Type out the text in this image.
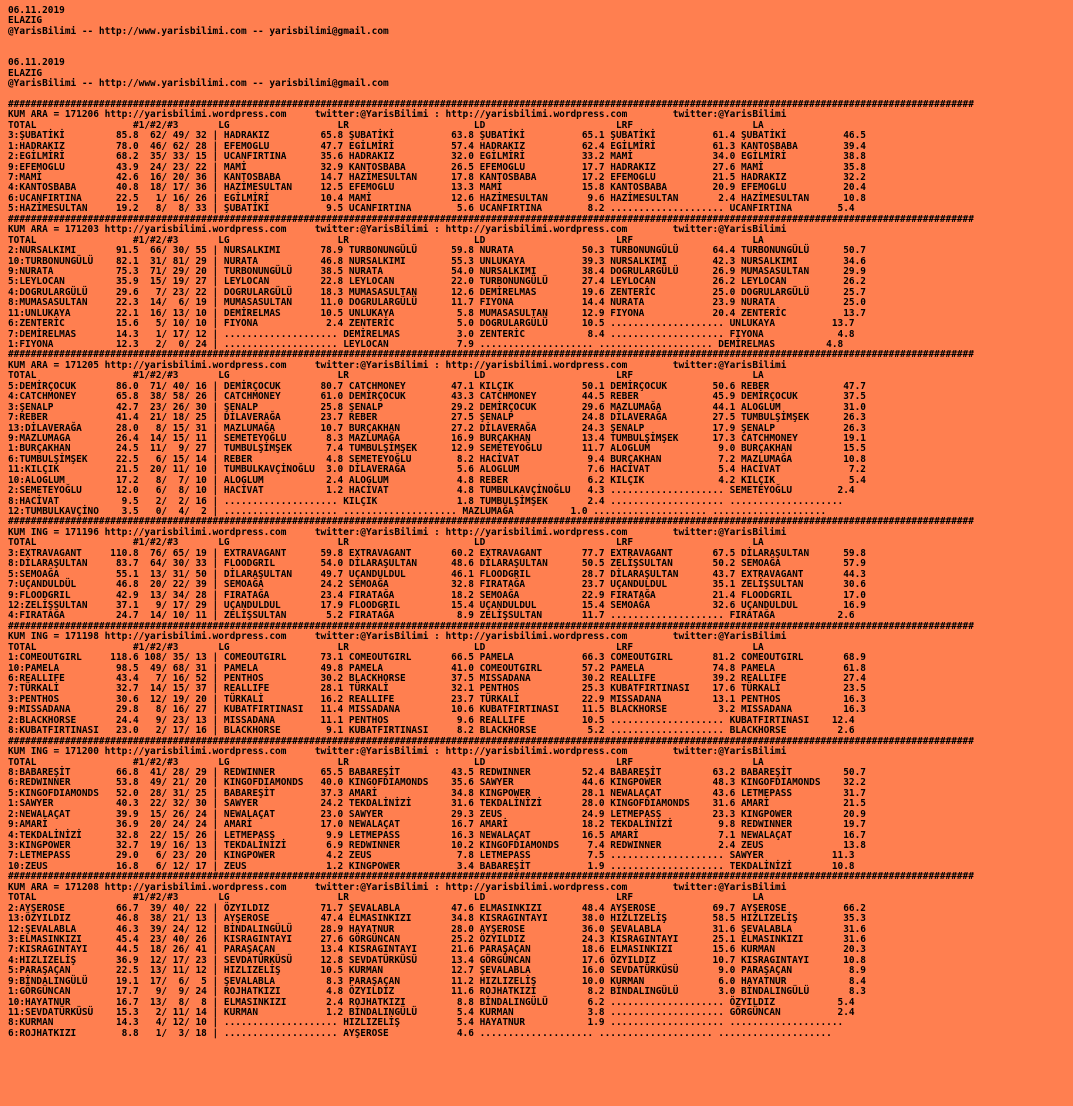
06.11.2019
ELAZIG
@YarisBilimi -- http://www.yarisbilimi.com -- yarisbilimi@gmail.com

06.11.2019
ELAZIG
@YarisBilimi -- http://www.yarisbilimi.com -- yarisbilimi@gmail.com

##########################################################################################################################################################################
KUM ARA = 171206 http://yarisbilimi.wordpress.com     twitter:@YarisBilimi : http://yarisbilimi.wordpress.com        twitter:@YarisBilimi
TOTAL                 #1/#2/#3       LG                   LR                      LD                       LRF                     LA
3:ŞUBATİKİ         85.8  62/ 49/ 32 | HADRAKIZ         65.8 ŞUBATİKİ          63.8 ŞUBATİKİ          65.1 ŞUBATİKİ          61.4 ŞUBATİKİ          46.5
1:HADRAKIZ         78.0  46/ 62/ 28 | EFEMOGLU         47.7 EGİLMİRİ          57.4 HADRAKIZ          62.4 EGİLMİRİ          61.3 KANTOSBABA        39.4
2:EGİLMİRİ         68.2  35/ 33/ 15 | UCANFIRTINA      35.6 HADRAKIZ          32.0 EGİLMİRİ          33.2 MAMİ              34.0 EGİLMİRİ          38.8
9:EFEMOGLU         43.9  24/ 23/ 22 | MAMİ             32.9 KANTOSBABA        26.5 EFEMOGLU          17.7 HADRAKIZ          27.6 MAMİ              35.8
7:MAMİ             42.6  16/ 20/ 36 | KANTOSBABA       14.7 HAZİMESULTAN      17.8 KANTOSBABA        17.2 EFEMOGLU          21.5 HADRAKIZ          32.2
4:KANTOSBABA       40.8  18/ 17/ 36 | HAZİMESULTAN     12.5 EFEMOGLU          13.3 MAMİ              15.8 KANTOSBABA        20.9 EFEMOGLU          20.4
6:UCANFIRTINA      22.5   1/ 16/ 26 | EGİLMİRİ         10.4 MAMİ              12.6 HAZİMESULTAN       9.6 HAZİMESULTAN       2.4 HAZİMESULTAN      10.8
5:HAZİMESULTAN     19.2   8/  8/ 33 | ŞUBATİKİ          9.5 UCANFIRTINA        5.6 UCANFIRTINA        8.2 .................... UCANFIRTINA        5.4
##########################################################################################################################################################################
KUM ARA = 171203 http://yarisbilimi.wordpress.com     twitter:@YarisBilimi : http://yarisbilimi.wordpress.com        twitter:@YarisBilimi
TOTAL                 #1/#2/#3       LG                   LR                      LD                       LRF                     LA
2:NURSALKIMI       91.5  66/ 30/ 55 | NURSALKIMI       78.9 TURBONUNGÜLÜ      59.8 NURATA            50.3 TURBONUNGÜLÜ      64.4 TURBONUNGÜLÜ      50.7
10:TURBONUNGÜLÜ    82.1  31/ 81/ 29 | NURATA           46.8 NURSALKIMI        55.3 UNLUKAYA          39.3 NURSALKIMI        42.3 NURSALKIMI        34.6
9:NURATA           75.3  71/ 29/ 20 | TURBONUNGÜLÜ     38.5 NURATA            54.0 NURSALKIMI        38.4 DOGRULARGÜLÜ      26.9 MUMASASULTAN      29.9
5:LEYLOCAN         35.9  15/ 19/ 27 | LEYLOCAN         22.8 LEYLOCAN          22.0 TURBONUNGÜLÜ      27.4 LEYLOCAN          26.2 LEYLOCAN          26.2
4:DOGRULARGÜLÜ     29.6   7/ 23/ 22 | DOGRULARGÜLÜ     18.3 MUMASASULTAN      12.6 DEMİRELMAS        19.6 ZENTERİC          25.0 DOGRULARGÜLÜ      25.7
8:MUMASASULTAN     22.3  14/  6/ 19 | MUMASASULTAN     11.0 DOGRULARGÜLÜ      11.7 FIYONA            14.4 NURATA            23.9 NURATA            25.0
11:UNLUKAYA        22.1  16/ 13/ 10 | DEMİRELMAS       10.5 UNLUKAYA           5.8 MUMASASULTAN      12.9 FIYONA            20.4 ZENTERİC          13.7
6:ZENTERİC         15.6   5/ 10/ 10 | FIYONA            2.4 ZENTERİC           5.0 DOGRULARGÜLÜ      10.5 .................... UNLUKAYA          13.7
7:DEMİRELMAS       14.3   1/ 17/ 12 | .................... DEMİRELMAS          3.0 ZENTERİC           8.4 .................... FIYONA             4.8
1:FIYONA           12.3   2/  0/ 24 | .................... LEYLOCAN            7.9 .................... .................... DEMİRELMAS         4.8
##########################################################################################################################################################################
KUM ARA = 171205 http://yarisbilimi.wordpress.com     twitter:@YarisBilimi : http://yarisbilimi.wordpress.com        twitter:@YarisBilimi
TOTAL                 #1/#2/#3       LG                   LR                      LD                       LRF                     LA
5:DEMİRÇOCUK       86.0  71/ 40/ 16 | DEMİRÇOCUK       80.7 CATCHMONEY        47.1 KILÇIK            50.1 DEMİRÇOCUK        50.6 REBER             47.7
4:CATCHMONEY       65.8  38/ 58/ 26 | CATCHMONEY       61.0 DEMİRÇOCUK        43.3 CATCHMONEY        44.5 REBER             45.9 DEMİRÇOCUK        37.5
3:ŞENALP           42.7  23/ 26/ 30 | ŞENALP           25.8 ŞENALP            29.2 DEMİRÇOCUK        29.6 MAZLUMAĞA         44.1 ALOGLUM           31.0
7:REBER            41.4  21/ 18/ 25 | DİLAVERAĞA       23.7 REBER             27.5 ŞENALP            24.8 DİLAVERAĞA        27.5 TUMBULŞİMŞEK      26.3
13:DİLAVERAĞA      28.0   8/ 15/ 31 | MAZLUMAĞA        10.7 BURÇAKHAN         27.2 DİLAVERAĞA        24.3 ŞENALP            17.9 ŞENALP            26.3
9:MAZLUMAGA        26.4  14/ 15/ 11 | SEMETEYOĞLU       8.3 MAZLUMAĞA         16.9 BURÇAKHAN         13.4 TUMBULŞİMŞEK      17.3 CATCHMONEY        19.1
1:BURÇAKHAN        24.5  11/  9/ 27 | TUMBULŞİMŞEK      7.4 TUMBULŞİMŞEK      12.9 SEMETEYOĞLU       11.7 ALOGLUM            9.0 BURÇAKHAN         15.5
6:TUMBULŞİMŞEK     22.5   6/ 15/ 14 | REBER             4.8 SEMETEYOĞLU        8.2 HACİVAT            9.4 BURÇAKHAN          7.2 MAZLUMAĞA         10.8
11:KILÇIK          21.5  20/ 11/ 10 | TUMBULKAVÇİNOĞLU  3.0 DİLAVERAĞA         5.6 ALOGLUM            7.6 HACİVAT            5.4 HACİVAT            7.2
10:ALOGLUM         17.2   8/  7/ 10 | ALOGLUM           2.4 ALOGLUM            4.8 REBER              6.2 KILÇIK             4.2 KILÇIK             5.4
2:SEMETEYOĞLU      12.0   6/  8/ 10 | HACİVAT           1.2 HACİVAT            4.8 TUMBULKAVÇİNOĞLU   4.3 .................... SEMETEYOĞLU        2.4
8:HACİVAT           9.5   2/  2/ 16 | .................... KILÇIK              1.8 TUMBULŞİMŞEK       2.4 .................... ....................
12:TUMBULKAVÇİNO    3.5   0/  4/  2 | .................... .................... MAZLUMAĞA          1.0 .................... ....................
##########################################################################################################################################################################
KUM ING = 171196 http://yarisbilimi.wordpress.com     twitter:@YarisBilimi : http://yarisbilimi.wordpress.com        twitter:@YarisBilimi
TOTAL                 #1/#2/#3       LG                   LR                      LD                       LRF                     LA
3:EXTRAVAGANT     110.8  76/ 65/ 19 | EXTRAVAGANT      59.8 EXTRAVAGANT       60.2 EXTRAVAGANT       77.7 EXTRAVAGANT       67.5 DİLARAŞULTAN      59.8
8:DİLARAŞULTAN     83.7  64/ 30/ 33 | FLOODGRIL        54.0 DİLARAŞULTAN      48.6 DİLARAŞULTAN      50.5 ZELİŞSULTAN       50.2 SEMOAĞA           57.9
5:SEMOAĞA          55.1  13/ 31/ 50 | DİLARAŞULTAN     49.7 UÇANDULDUL        46.1 FLOODGRIL         28.7 DİLARAŞULTAN      43.7 EXTRAVAGANT       44.3
7:UÇANDULDÜL       46.8  20/ 22/ 39 | SEMOAĞA          24.2 SEMOAĞA           32.8 FIRATAĞA          23.7 UÇANDULDUL        35.1 ZELİŞSULTAN       30.6
9:FLOODGRIL        42.9  13/ 34/ 28 | FIRATAĞA         23.4 FIRATAĞA          18.2 SEMOAĞA           22.9 FIRATAĞA          21.4 FLOODGRIL         17.0
12:ZELİŞSULTAN     37.1   9/ 17/ 29 | UÇANDULDUL       17.9 FLOODGRIL         15.4 UÇANDULDUL        15.4 SEMOAĞA           32.6 UÇANDULDUL        16.9
4:FIRATAĞA         24.7  14/ 10/ 11 | ZELİŞSULTAN       5.2 FIRATAĞA           8.9 ZELİŞSULTAN       11.7 .................... FIRATAĞA           2.6
##########################################################################################################################################################################
KUM ING = 171198 http://yarisbilimi.wordpress.com     twitter:@YarisBilimi : http://yarisbilimi.wordpress.com        twitter:@YarisBilimi
TOTAL                 #1/#2/#3       LG                   LR                      LD                       LRF                     LA
1:COMEOUTGIRL     118.6 108/ 35/ 13 | COMEOUTGIRL      73.1 COMEOUTGIRL       66.5 PAMELA            66.3 COMEOUTGIRL       81.2 COMEOUTGIRL       68.9
10:PAMELA          98.5  49/ 68/ 31 | PAMELA           49.8 PAMELA            41.0 COMEOUTGIRL       57.2 PAMELA            74.8 PAMELA            61.8
6:REALLIFE         43.4   7/ 16/ 52 | PENTHOS          30.2 BLACKHORSE        37.5 MISSADANA         30.2 REALLIFE          39.2 REALLIFE          27.4
7:TÜRKALİ          32.7  14/ 15/ 37 | REALLIFE         28.1 TÜRKALİ           32.1 PENTHOS           25.3 KUBATFIRTINASI    17.6 TÜRKALİ           23.5
3:PENTHOS          30.6  12/ 19/ 20 | TÜRKALİ          16.2 REALLIFE          23.7 TÜRKALİ           22.9 MISSADANA         13.1 PENTHOS           16.3
9:MISSADANA        29.8   8/ 16/ 27 | KUBATFIRTINASI   11.4 MISSADANA         10.6 KUBATFIRTINASI    11.5 BLACKHORSE         3.2 MISSADANA         16.3
2:BLACKHORSE       24.4   9/ 23/ 13 | MISSADANA        11.1 PENTHOS            9.6 REALLIFE          10.5 .................... KUBATFIRTINASI    12.4
8:KUBATFIRTINASI   23.0   2/ 17/ 16 | BLACKHORSE        9.1 KUBATFIRTINASI     8.2 BLACKHORSE         5.2 .................... BLACKHORSE         2.6
##########################################################################################################################################################################
KUM ING = 171200 http://yarisbilimi.wordpress.com     twitter:@YarisBilimi : http://yarisbilimi.wordpress.com        twitter:@YarisBilimi
TOTAL                 #1/#2/#3       LG                   LR                      LD                       LRF                     LA
8:BABAREŞİT        66.8  41/ 28/ 29 | REDWINNER        65.5 BABAREŞİT         43.5 REDWINNER         52.4 BABAREŞİT         63.2 BABAREŞİT         50.7
6:REDWINNER        53.8  49/ 21/ 20 | KINGOFDIAMONDS   40.0 KINGOFDIAMONDS    35.6 SAWYER            44.6 KINGPOWER         48.3 KINGOFDIAMONDS    32.2
5:KINGOFDIAMONDS   52.0  28/ 31/ 25 | BABAREŞİT        37.3 AMARİ             34.8 KINGPOWER         28.1 NEWALAÇAT         43.6 LETMEPASS         31.7
1:SAWYER           40.3  22/ 32/ 30 | SAWYER           24.2 TEKDALİNİZİ       31.6 TEKDALİNİZİ       28.0 KINGOFDIAMONDS    31.6 AMARİ             21.5
2:NEWALAÇAT        39.9  15/ 26/ 24 | NEWALAÇAT        23.0 SAWYER            29.3 ZEUS              24.9 LETMEPASS         23.3 KINGPOWER         20.9
9:AMARİ            36.9  20/ 24/ 24 | AMARİ            17.0 NEWALAÇAT         16.7 AMARİ             18.2 TEKDALİNİZİ        9.8 REDWINNER         19.7
4:TEKDALİNİZİ      32.8  22/ 15/ 26 | LETMEPASS         9.9 LETMEPASS         16.3 NEWALAÇAT         16.5 AMARİ              7.1 NEWALAÇAT         16.7
3:KINGPOWER        32.7  19/ 16/ 13 | TEKDALİNİZİ       6.9 REDWINNER         10.2 KINGOFDIAMONDS     7.4 REDWINNER          2.4 ZEUS              13.8
7:LETMEPASS        29.0   6/ 23/ 20 | KINGPOWER         4.2 ZEUS               7.8 LETMEPASS          7.5 .................... SAWYER            11.3
10:ZEUS            16.8   6/ 12/ 17 | ZEUS              1.2 KINGPOWER          3.4 BABAREŞİT          1.9 .................... TEKDALİNİZİ       10.8
##########################################################################################################################################################################
KUM ARA = 171208 http://yarisbilimi.wordpress.com     twitter:@YarisBilimi : http://yarisbilimi.wordpress.com        twitter:@YarisBilimi
TOTAL                 #1/#2/#3       LG                   LR                      LD                       LRF                     LA
2:AYŞEROSE         66.7  39/ 40/ 22 | ÖZYILDIZ         71.7 ŞEVALABLA         47.6 ELMASINKIZI       48.4 AYŞEROSE          69.7 AYŞEROSE          66.2
13:ÖZYILDIZ        46.8  38/ 21/ 13 | AYŞEROSE         47.4 ELMASINKIZI       34.8 KISRAGINTAYI      38.0 HIZLIZELİŞ        58.5 HIZLIZELİŞ        35.3
12:ŞEVALABLA       46.3  39/ 24/ 12 | BİNDALINGÜLÜ     28.9 HAYATNUR          28.0 AYŞEROSE          36.0 ŞEVALABLA         31.6 ŞEVALABLA         31.6
3:ELMASINKIZI      45.4  23/ 40/ 26 | KISRAGINTAYI     27.6 GÖRGÜNCAN         25.2 ÖZYILDIZ          24.3 KISRAGINTAYI      25.1 ELMASINKIZI       31.6
7:KISRAGINTAYI     44.5  18/ 26/ 41 | PARAŞAÇAN        13.4 KISRAGINTAYI      21.6 PARAŞAÇAN         18.6 ELMASINKIZI       15.6 KURMAN            20.3
4:HIZLIZELİŞ       36.9  12/ 17/ 23 | SEVDATÜRKÜSÜ     12.8 SEVDATÜRKÜSÜ      13.4 GÖRGÜNCAN         17.6 ÖZYILDIZ          10.7 KISRAGINTAYI      10.8
5:PARAŞAÇAN        22.5  13/ 11/ 12 | HIZLIZELİŞ       10.5 KURMAN            12.7 ŞEVALABLA         16.0 SEVDATÜRKÜSÜ       9.0 PARAŞAÇAN          8.9
9:BİNDALINGÜLÜ     19.1  17/  6/  5 | ŞEVALABLA         8.3 PARAŞAÇAN         11.2 HIZLIZELİŞ        10.0 KURMAN             6.0 HAYATNUR           8.4
1:GÖRGÜNCAN        17.7   9/  9/ 24 | ROJHATKIZI        4.8 ÖZYILDIZ          11.6 ROJHATKIZI         8.2 BİNDALINGÜLÜ       3.0 BİNDALINGÜLÜ       8.3
10:HAYATNUR        16.7  13/  8/  8 | ELMASINKIZI       2.4 ROJHATKIZI         8.8 BİNDALINGÜLÜ       6.2 .................... ÖZYILDIZ           5.4
11:SEVDATÜRKÜSÜ    15.3   2/ 11/ 14 | KURMAN            1.2 BİNDALINGÜLÜ       5.4 KURMAN             3.8 .................... GÖRGÜNCAN          2.4
8:KURMAN           14.3   4/ 12/ 10 | .................... HIZLIZELİŞ          5.4 HAYATNUR           1.9 .................... ....................
6:ROJHATKIZI        8.8   1/  3/ 18 | .................... AYŞEROSE            4.6 .................... .................... ....................
